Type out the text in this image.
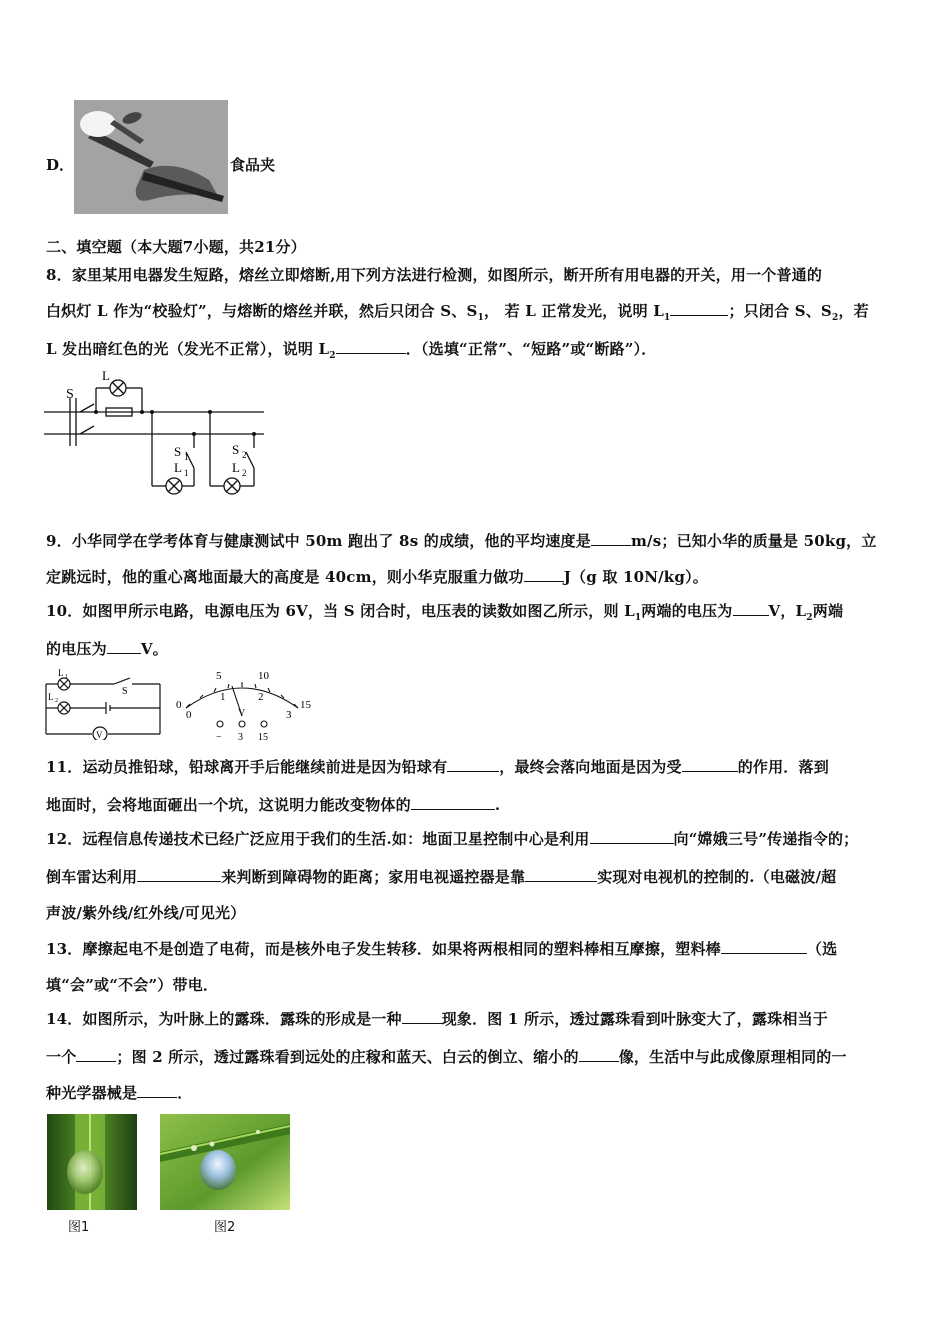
D．	食品夹
二、填空题（本大题7小题，共21分）
8．家里某用电器发生短路，熔丝立即熔断,用下列方法进行检测，如图所示，断开所有用电器的开关，用一个普通的
白炽灯 L 作为“校验灯”，与熔断的熔丝并联，然后只闭合 S、$S_1$， 若 L 正常发光，说明 $L_1$	；只闭合 S、$S_2$，若
L 发出暗红色的光（发光不正常），说明 $L_2$	．（选填“正常”、“短路”或“断路”）．
S
L
S 1
L 1
S 2
L 2
9．小华同学在学考体育与健康测试中 50m 跑出了 8s 的成绩，他的平均速度是	m/s；已知小华的质量是 50kg，立
定跳远时，他的重心离地面最大的高度是 40cm，则小华克服重力做功	J（g 取 10N/kg）。
10．如图甲所示电路，电源电压为 6V，当 S 闭合时，电压表的读数如图乙所示，则 $L_1$两端的电压为 V，$L_2$两端
的电压为 V。
L 1
L 2
S
V
5	10
0	15
0
1	2
3
V
− 3 15
11．运动员推铅球，铅球离开手后能继续前进是因为铅球有	，最终会落向地面是因为受	的作用．落到
地面时，会将地面砸出一个坑，这说明力能改变物体的	.
12．远程信息传递技术已经广泛应用于我们的生活.如：地面卫星控制中心是利用	向“嫦娥三号”传递指令的；
倒车雷达利用	来判断到障碍物的距离；家用电视遥控器是靠	实现对电视机的控制的.（电磁波/超
声波/紫外线/红外线/可见光）
13．摩擦起电不是创造了电荷，而是核外电子发生转移．如果将两根相同的塑料棒相互摩擦，塑料棒	（选
填“会”或“不会”）带电．
14．如图所示，为叶脉上的露珠．露珠的形成是一种	现象．图 1 所示，透过露珠看到叶脉变大了，露珠相当于
一个	；图 2 所示，透过露珠看到远处的庄稼和蓝天、白云的倒立、缩小的	像，生活中与此成像原理相同的一
种光学器械是	．
图1	图2
